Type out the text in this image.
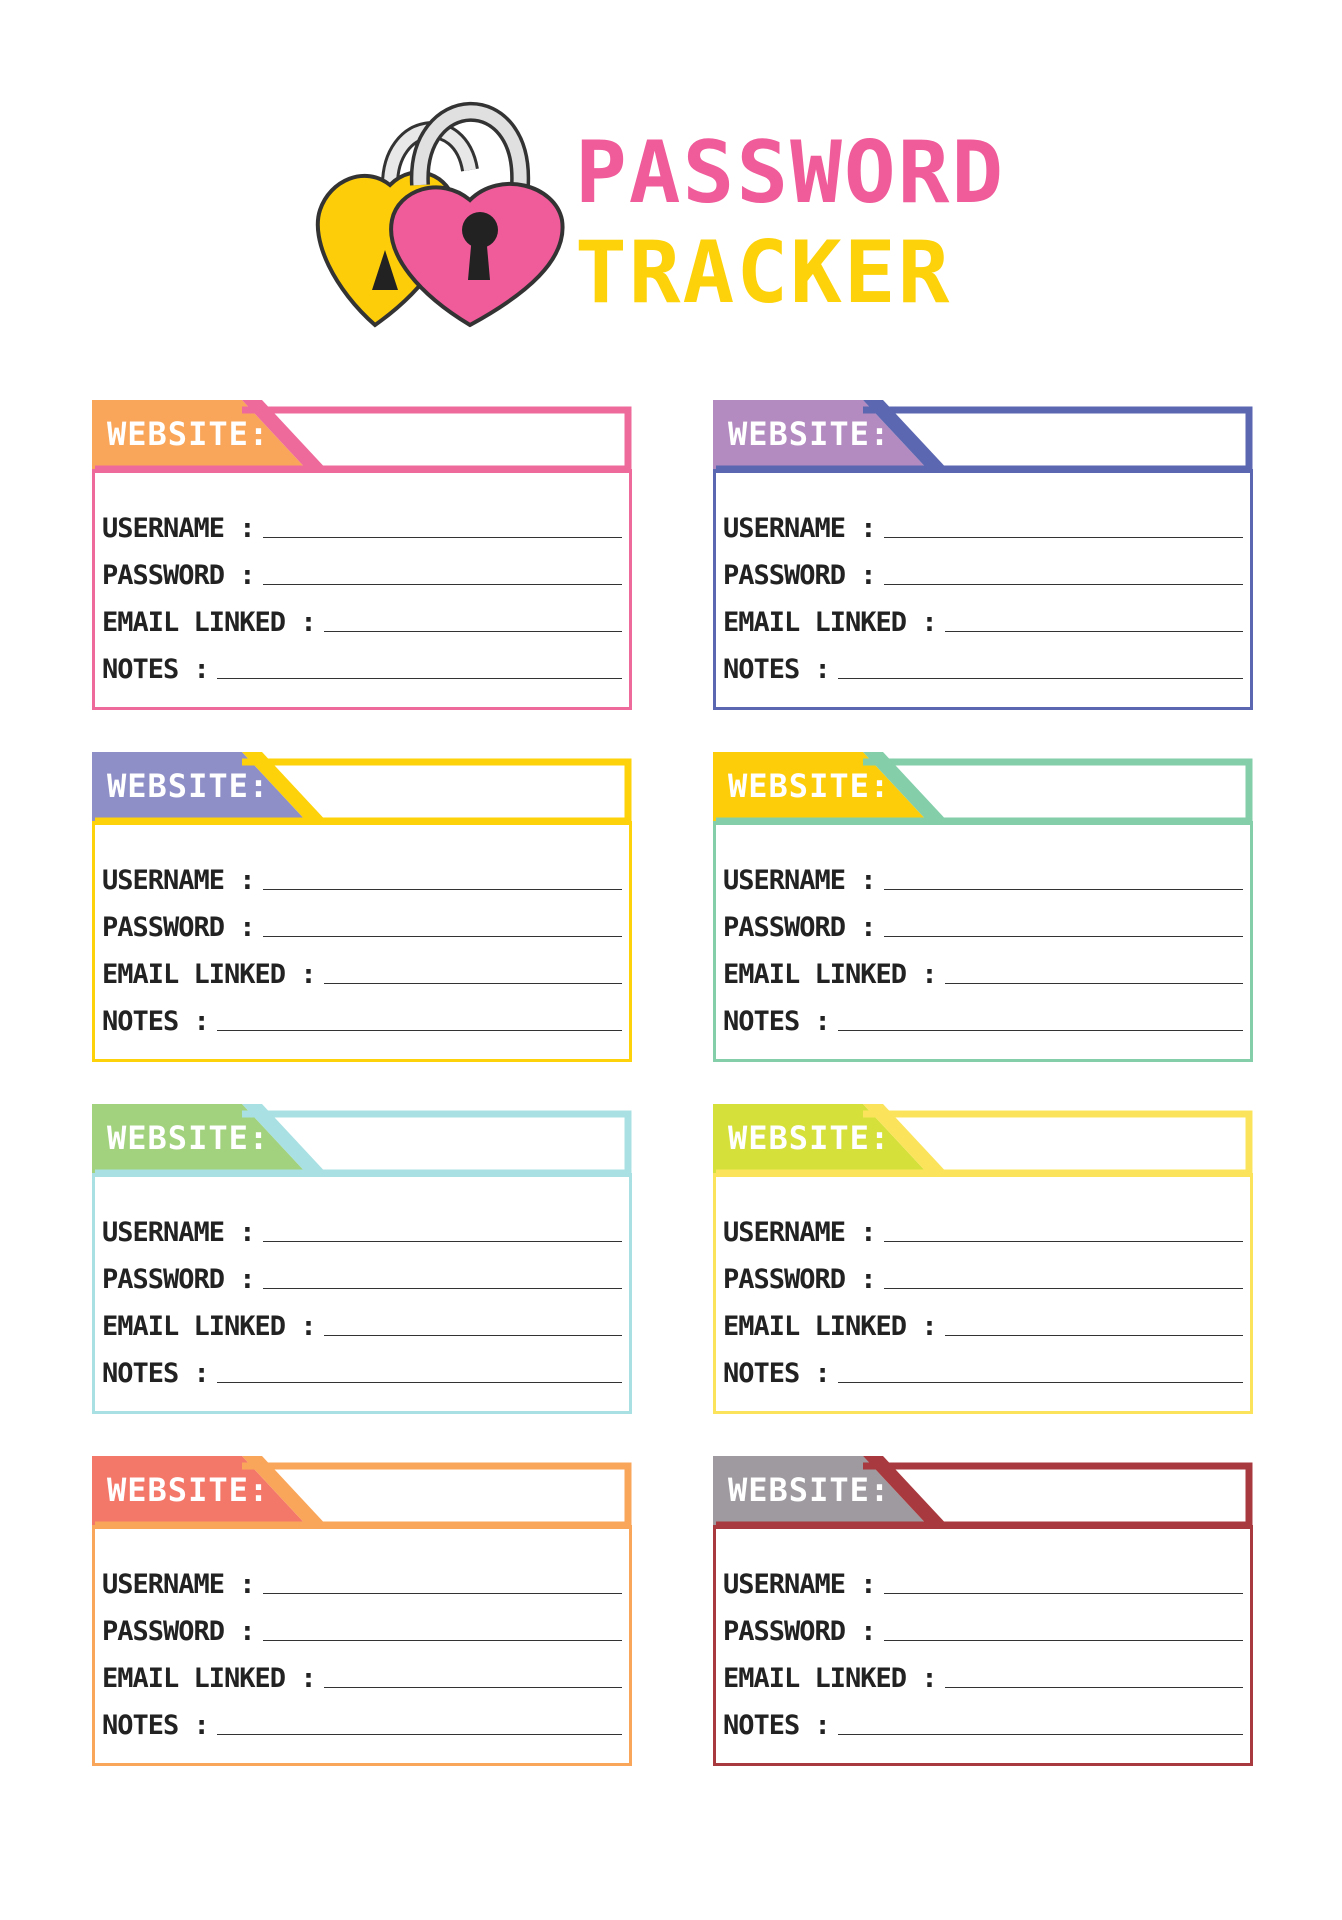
PASSWORD
TRACKER
WEBSITE:
USERNAME :
PASSWORD :
EMAIL LINKED :
NOTES :
WEBSITE:
USERNAME :
PASSWORD :
EMAIL LINKED :
NOTES :
WEBSITE:
USERNAME :
PASSWORD :
EMAIL LINKED :
NOTES :
WEBSITE:
USERNAME :
PASSWORD :
EMAIL LINKED :
NOTES :
WEBSITE:
USERNAME :
PASSWORD :
EMAIL LINKED :
NOTES :
WEBSITE:
USERNAME :
PASSWORD :
EMAIL LINKED :
NOTES :
WEBSITE:
USERNAME :
PASSWORD :
EMAIL LINKED :
NOTES :
WEBSITE:
USERNAME :
PASSWORD :
EMAIL LINKED :
NOTES :
